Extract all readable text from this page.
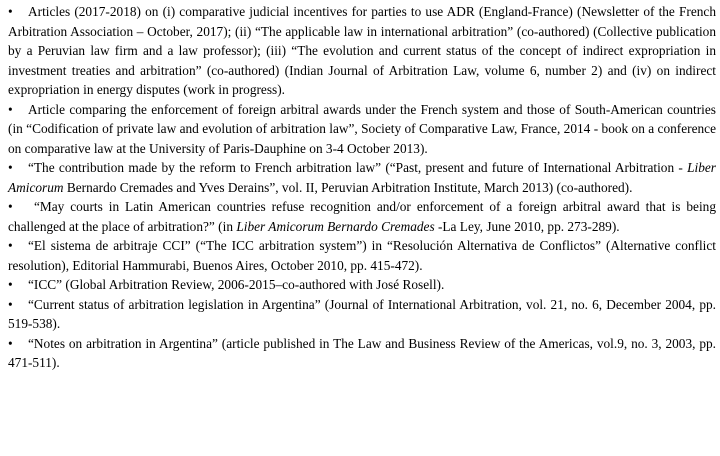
•Articles (2017-2018) on (i) comparative judicial incentives for parties to use ADR (England-France) (Newsletter of the French Arbitration Association – October, 2017); (ii) “The applicable law in international arbitration” (co-authored) (Collective publication by a Peruvian law firm and a law professor); (iii) “The evolution and current status of the concept of indirect expropriation in investment treaties and arbitration” (co-authored) (Indian Journal of Arbitration Law, volume 6, number 2) and (iv) on indirect expropriation in energy disputes (work in progress).

•Article comparing the enforcement of foreign arbitral awards under the French system and those of South-American countries (in “Codification of private law and evolution of arbitration law”, Society of Comparative Law, France, 2014 - book on a conference on comparative law at the University of Paris-Dauphine on 3-4 October 2013).

•“The contribution made by the reform to French arbitration law” (“Past, present and future of International Arbitration - Liber Amicorum Bernardo Cremades and Yves Derains”, vol. II, Peruvian Arbitration Institute, March 2013) (co-authored).

• “May courts in Latin American countries refuse recognition and/or enforcement of a foreign arbitral award that is being challenged at the place of arbitration?” (in Liber Amicorum Bernardo Cremades -La Ley, June 2010, pp. 273-289).

•“El sistema de arbitraje CCI” (“The ICC arbitration system”) in “Resolución Alternativa de Conflictos” (Alternative conflict resolution), Editorial Hammurabi, Buenos Aires, October 2010, pp. 415-472).

•“ICC” (Global Arbitration Review, 2006-2015–co-authored with José Rosell).

•“Current status of arbitration legislation in Argentina” (Journal of International Arbitration, vol. 21, no. 6, December 2004, pp. 519-538).

•“Notes on arbitration in Argentina” (article published in The Law and Business Review of the Americas, vol.9, no. 3, 2003, pp. 471-511).
